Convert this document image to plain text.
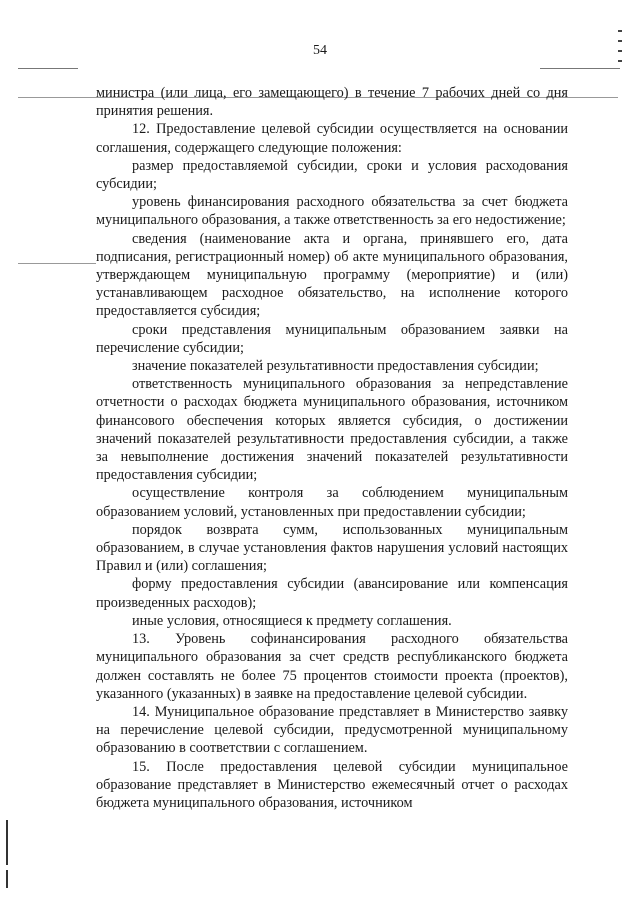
54

министра (или лица, его замещающего) в течение 7 рабочих дней со дня принятия решения.

12. Предоставление целевой субсидии осуществляется на основании соглашения, содержащего следующие положения:

размер предоставляемой субсидии, сроки и условия расходования субсидии;

уровень финансирования расходного обязательства за счет бюджета муниципального образования, а также ответственность за его недостижение;

сведения (наименование акта и органа, принявшего его, дата подписания, регистрационный номер) об акте муниципального образования, утверждающем муниципальную программу (мероприятие) и (или) устанавливающем расходное обязательство, на исполнение которого предоставляется субсидия;

сроки представления муниципальным образованием заявки на перечисление субсидии;

значение показателей результативности предоставления субсидии;

ответственность муниципального образования за непредставление отчетности о расходах бюджета муниципального образования, источником финансового обеспечения которых является субсидия, о достижении значений показателей результативности предоставления субсидии, а также за невыполнение достижения значений показателей результативности предоставления субсидии;

осуществление контроля за соблюдением муниципальным образованием условий, установленных при предоставлении субсидии;

порядок возврата сумм, использованных муниципальным образованием, в случае установления фактов нарушения условий настоящих Правил и (или) соглашения;

форму предоставления субсидии (авансирование или компенсация произведенных расходов);

иные условия, относящиеся к предмету соглашения.

13. Уровень софинансирования расходного обязательства муниципального образования за счет средств республиканского бюджета должен составлять не более 75 процентов стоимости проекта (проектов), указанного (указанных) в заявке на предоставление целевой субсидии.

14. Муниципальное образование представляет в Министерство заявку на перечисление целевой субсидии, предусмотренной муниципальному образованию в соответствии с соглашением.

15. После предоставления целевой субсидии муниципальное образование представляет в Министерство ежемесячный отчет о расходах бюджета муниципального образования, источником
